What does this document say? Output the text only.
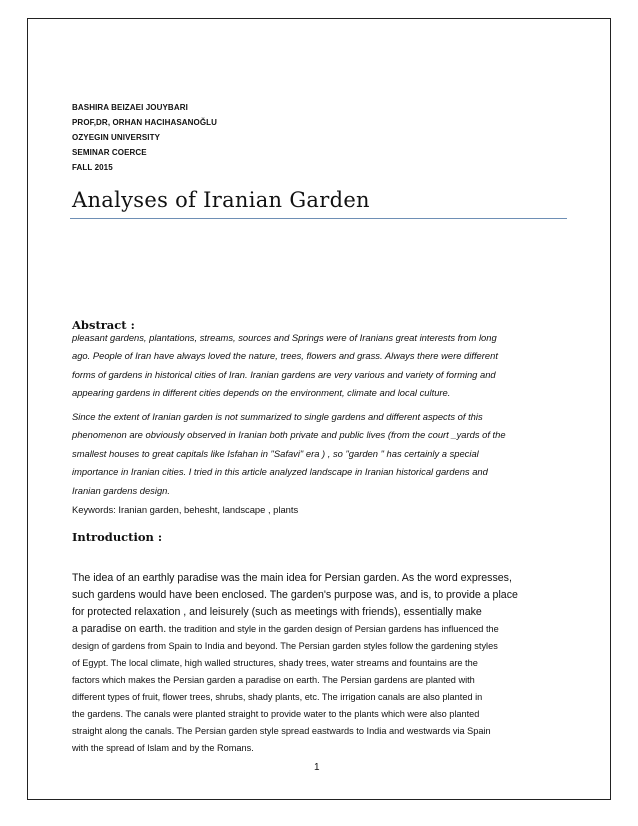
BASHIRA BEIZAEI JOUYBARI
PROF,DR, ORHAN HACIHASANOĞLU
OZYEGIN UNIVERSITY
SEMINAR COERCE
FALL 2015
Analyses of Iranian Garden
Abstract :
pleasant gardens, plantations, streams, sources and Springs were of Iranians great interests from long
ago. People of Iran have always loved the nature, trees, flowers and grass. Always there were different
forms of gardens in historical cities of Iran. Iranian gardens are very various and variety of forming and
appearing gardens in different cities depends on the environment, climate and local culture.
Since the extent of Iranian garden is not summarized to single gardens and different aspects of this
phenomenon are obviously observed in Iranian both private and public lives (from the court _yards of the
smallest houses to great capitals like Isfahan in "Safavi" era ) , so "garden " has certainly a special
importance in Iranian cities. I tried in this article analyzed landscape in Iranian historical gardens and
Iranian gardens design.
Keywords: Iranian garden, behesht, landscape , plants
Introduction :
The idea of an earthly paradise was the main idea for Persian garden. As the word expresses,
such gardens would have been enclosed. The garden's purpose was, and is, to provide a place
for protected relaxation , and leisurely (such as meetings with friends), essentially make
a paradise on earth. the tradition and style in the garden design of Persian gardens has influenced the
design of gardens from Spain to India and beyond. The Persian garden styles follow the gardening styles
of Egypt. The local climate, high walled structures, shady trees, water streams and fountains are the
factors which makes the Persian garden a paradise on earth. The Persian gardens are planted with
different types of fruit, flower trees, shrubs, shady plants, etc. The irrigation canals are also planted in
the gardens. The canals were planted straight to provide water to the plants which were also planted
straight along the canals. The Persian garden style spread eastwards to India and westwards via Spain
with the spread of Islam and by the Romans.
1
